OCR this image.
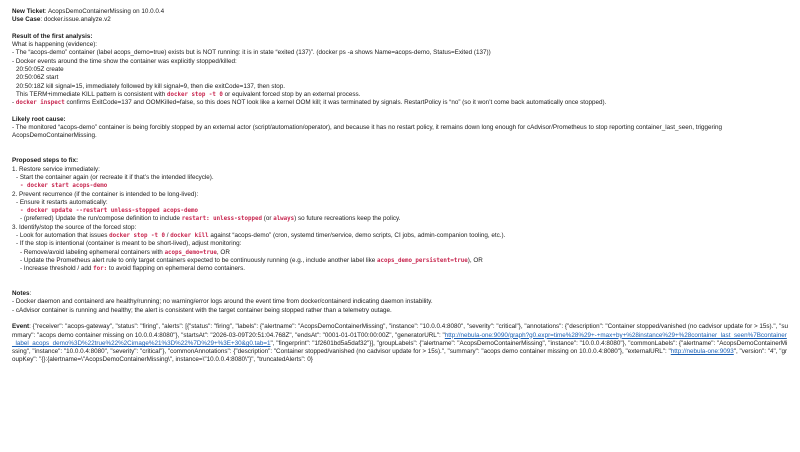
New Ticket: AcopsDemoContainerMissing on 10.0.0.4
Use Case: docker.issue.analyze.v2
Result of the first analysis:
What is happening (evidence):
- The “acops-demo” container (label acops_demo=true) exists but is NOT running: it is in state “exited (137)”. (docker ps -a shows Name=acops-demo, Status=Exited (137))
- Docker events around the time show the container was explicitly stopped/killed:
20:50:05Z create
20:50:06Z start
20:50:18Z kill signal=15, immediately followed by kill signal=9, then die exitCode=137, then stop.
This TERM+immediate KILL pattern is consistent with docker stop -t 0 or equivalent forced stop by an external process.
- docker inspect confirms ExitCode=137 and OOMKilled=false, so this does NOT look like a kernel OOM kill; it was terminated by signals. RestartPolicy is “no” (so it won’t come back automatically once stopped).
Likely root cause:
- The monitored “acops-demo” container is being forcibly stopped by an external actor (script/automation/operator), and because it has no restart policy, it remains down long enough for cAdvisor/Prometheus to stop reporting container_last_seen, triggering AcopsDemoContainerMissing.
Proposed steps to fix:
1. Restore service immediately:
- Start the container again (or recreate it if that’s the intended lifecycle).
- docker start acops-demo
2. Prevent recurrence (if the container is intended to be long-lived):
- Ensure it restarts automatically:
- docker update --restart unless-stopped acops-demo
- (preferred) Update the run/compose definition to include restart: unless-stopped (or always) so future recreations keep the policy.
3. Identify/stop the source of the forced stop:
- Look for automation that issues docker stop -t 0 / docker kill against “acops-demo” (cron, systemd timer/service, demo scripts, CI jobs, admin-companion tooling, etc.).
- If the stop is intentional (container is meant to be short-lived), adjust monitoring:
- Remove/avoid labeling ephemeral containers with acops_demo=true, OR
- Update the Prometheus alert rule to only target containers expected to be continuously running (e.g., include another label like acops_demo_persistent=true), OR
- Increase threshold / add for: to avoid flapping on ephemeral demo containers.
Notes:
- Docker daemon and containerd are healthy/running; no warning/error logs around the event time from docker/containerd indicating daemon instability.
- cAdvisor container is running and healthy; the alert is consistent with the target container being stopped rather than a telemetry outage.
Event: {"receiver": "acops-gateway", "status": "firing", "alerts": [{"status": "firing", "labels": {"alertname": "AcopsDemoContainerMissing", "instance": "10.0.0.4:8080", "severity": "critical"}, "annotations": {"description": "Container stopped/vanished (no cadvisor update for > 15s).", "summary": "acops demo container missing on 10.0.0.4:8080"}, "startsAt": "2026-03-09T20:51:04.768Z", "endsAt": "0001-01-01T00:00:00Z", "generatorURL": "http://nebula-one:9090/graph?g0.expr=time%28%29+-+max+by+%28instance%29+%28container_last_seen%7Bcontainer_label_acops_demo%3D%22true%22%2Cimage%21%3D%22%7D%29+%3E+30&g0.tab=1", "fingerprint": "1f2601bd5a5daf32"}], "groupLabels": {"alertname": "AcopsDemoContainerMissing", "instance": "10.0.0.4:8080"}, "commonLabels": {"alertname": "AcopsDemoContainerMissing", "instance": "10.0.0.4:8080", "severity": "critical"}, "commonAnnotations": {"description": "Container stopped/vanished (no cadvisor update for > 15s).", "summary": "acops demo container missing on 10.0.0.4:8080"}, "externalURL": "http://nebula-one:9093", "version": "4", "groupKey": "{}:{alertname=\"AcopsDemoContainerMissing\", instance=\"10.0.0.4:8080\"}", "truncatedAlerts": 0}
